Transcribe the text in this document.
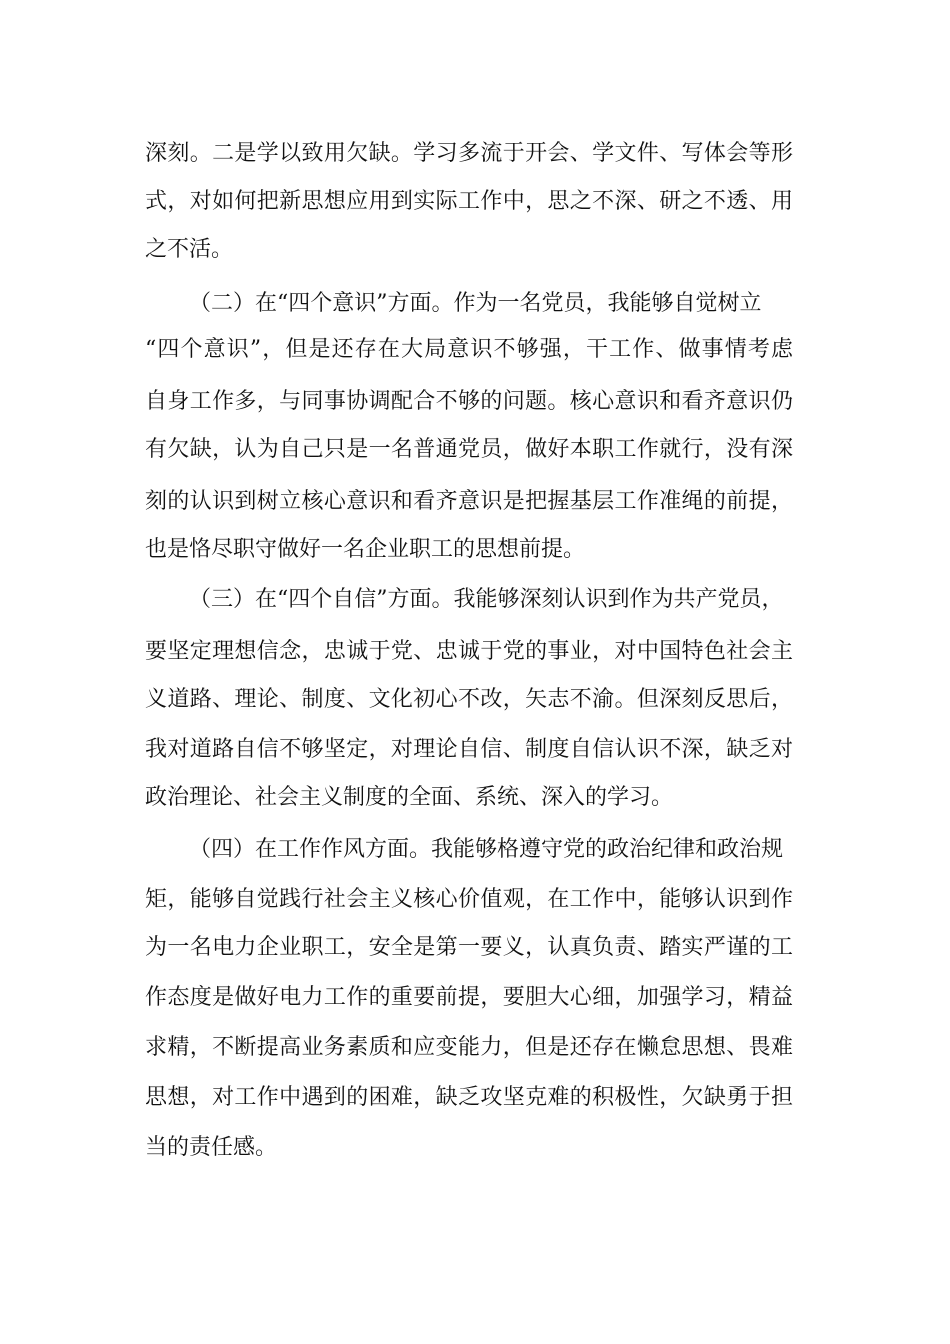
深刻。二是学以致用欠缺。学习多流于开会、学文件、写体会等形
式，对如何把新思想应用到实际工作中，思之不深、研之不透、用
之不活。
（二）在“四个意识”方面。作为一名党员，我能够自觉树立
“四个意识”，但是还存在大局意识不够强，干工作、做事情考虑
自身工作多，与同事协调配合不够的问题。核心意识和看齐意识仍
有欠缺，认为自己只是一名普通党员，做好本职工作就行，没有深
刻的认识到树立核心意识和看齐意识是把握基层工作准绳的前提，
也是恪尽职守做好一名企业职工的思想前提。
（三）在“四个自信”方面。我能够深刻认识到作为共产党员，
要坚定理想信念，忠诚于党、忠诚于党的事业，对中国特色社会主
义道路、理论、制度、文化初心不改，矢志不渝。但深刻反思后，
我对道路自信不够坚定，对理论自信、制度自信认识不深，缺乏对
政治理论、社会主义制度的全面、系统、深入的学习。
（四）在工作作风方面。我能够格遵守党的政治纪律和政治规
矩，能够自觉践行社会主义核心价值观，在工作中，能够认识到作
为一名电力企业职工，安全是第一要义，认真负责、踏实严谨的工
作态度是做好电力工作的重要前提，要胆大心细，加强学习，精益
求精，不断提高业务素质和应变能力，但是还存在懒怠思想、畏难
思想，对工作中遇到的困难，缺乏攻坚克难的积极性，欠缺勇于担
当的责任感。
